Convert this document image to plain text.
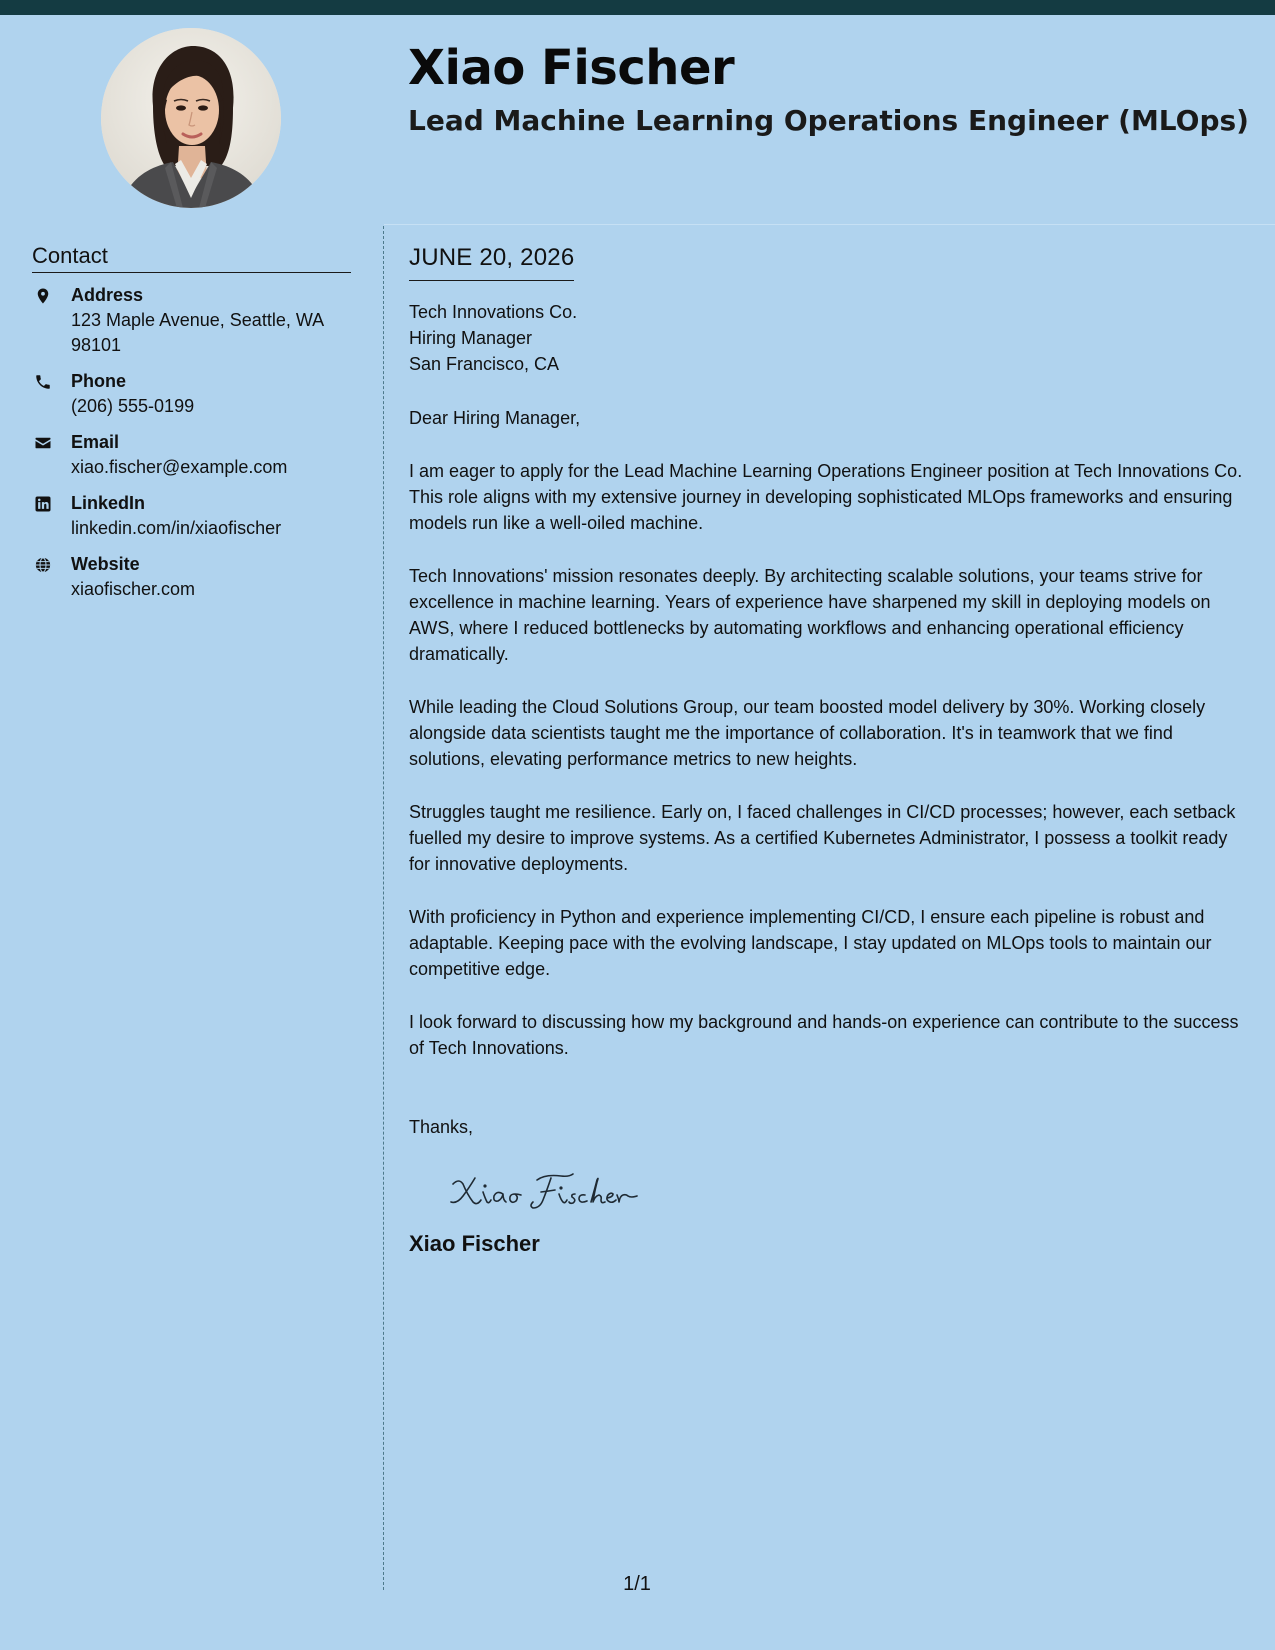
Xiao Fischer
Lead Machine Learning Operations Engineer (MLOps)
Contact
Address
123 Maple Avenue, Seattle, WA 98101
Phone
(206) 555-0199
Email
xiao.fischer@example.com
LinkedIn
linkedin.com/in/xiaofischer
Website
xiaofischer.com
JUNE 20, 2026
Tech Innovations Co.
Hiring Manager
San Francisco, CA
Dear Hiring Manager,
I am eager to apply for the Lead Machine Learning Operations Engineer position at Tech Innovations Co. This role aligns with my extensive journey in developing sophisticated MLOps frameworks and ensuring models run like a well-oiled machine.
Tech Innovations' mission resonates deeply. By architecting scalable solutions, your teams strive for excellence in machine learning. Years of experience have sharpened my skill in deploying models on AWS, where I reduced bottlenecks by automating workflows and enhancing operational efficiency dramatically.
While leading the Cloud Solutions Group, our team boosted model delivery by 30%. Working closely alongside data scientists taught me the importance of collaboration. It's in teamwork that we find solutions, elevating performance metrics to new heights.
Struggles taught me resilience. Early on, I faced challenges in CI/CD processes; however, each setback fuelled my desire to improve systems. As a certified Kubernetes Administrator, I possess a toolkit ready for innovative deployments.
With proficiency in Python and experience implementing CI/CD, I ensure each pipeline is robust and adaptable. Keeping pace with the evolving landscape, I stay updated on MLOps tools to maintain our competitive edge.
I look forward to discussing how my background and hands-on experience can contribute to the success of Tech Innovations.
Thanks,
Xiao Fischer
1/1
